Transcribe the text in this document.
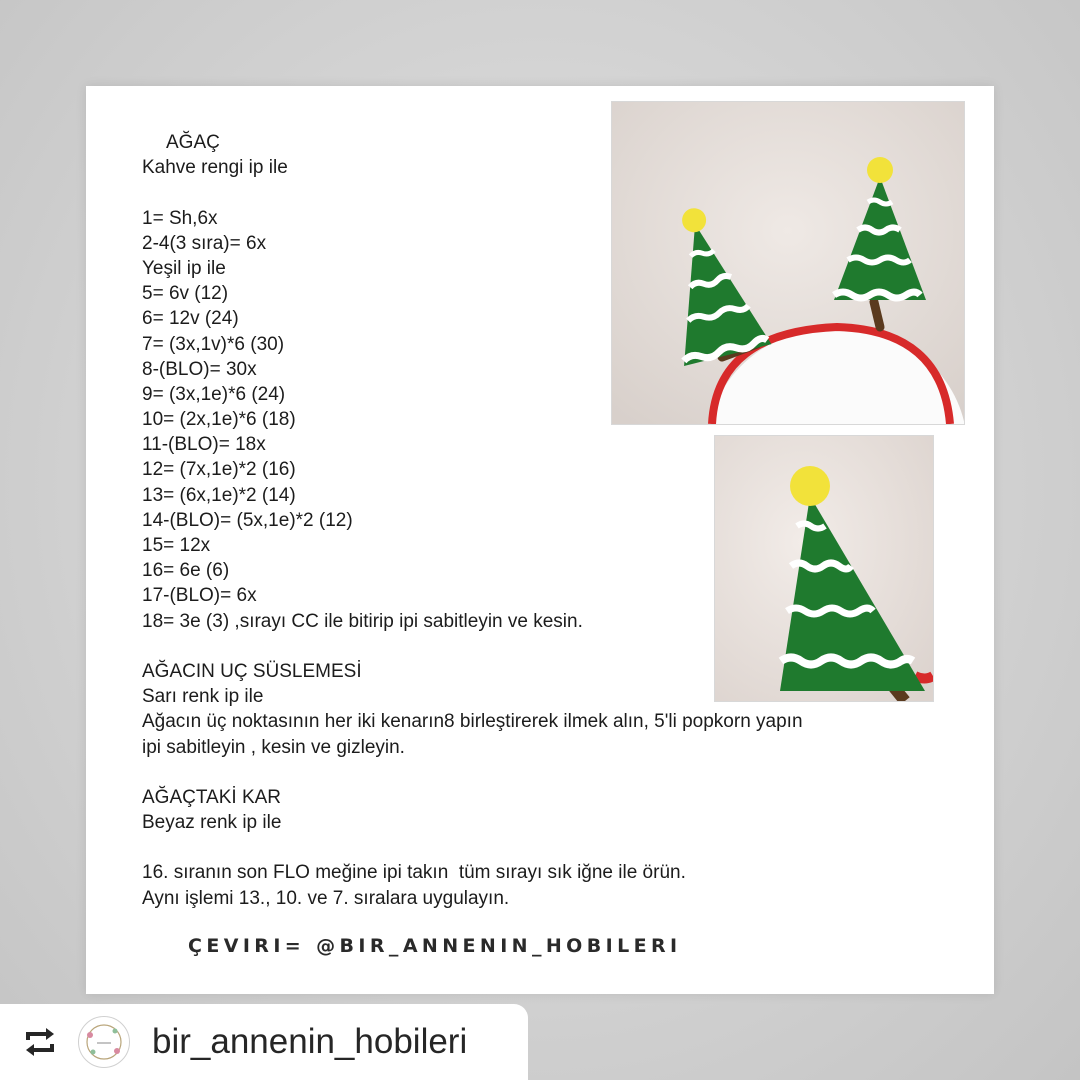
AĞAÇ
Kahve rengi ip ile
1= Sh,6x
2-4(3 sıra)= 6x
Yeşil ip ile
5= 6v (12)
6= 12v (24)
7= (3x,1v)*6 (30)
8-(BLO)= 30x
9= (3x,1e)*6 (24)
10= (2x,1e)*6 (18)
11-(BLO)= 18x
12= (7x,1e)*2 (16)
13= (6x,1e)*2 (14)
14-(BLO)= (5x,1e)*2 (12)
15= 12x
16= 6e (6)
17-(BLO)= 6x
18= 3e (3) ,sırayı CC ile bitirip ipi sabitleyin ve kesin.
AĞACIN UÇ SÜSLEMESİ
Sarı renk ip ile
Ağacın üç noktasının her iki kenarın8 birleştirerek ilmek alın, 5'li popkorn yapın
ipi sabitleyin , kesin ve gizleyin.
AĞAÇTAKİ KAR
Beyaz renk ip ile
16. sıranın son FLO meğine ipi takın  tüm sırayı sık iğne ile örün.
Aynı işlemi 13., 10. ve 7. sıralara uygulayın.
ÇEVIRI= @BIR_ANNENIN_HOBILERI
bir_annenin_hobileri
